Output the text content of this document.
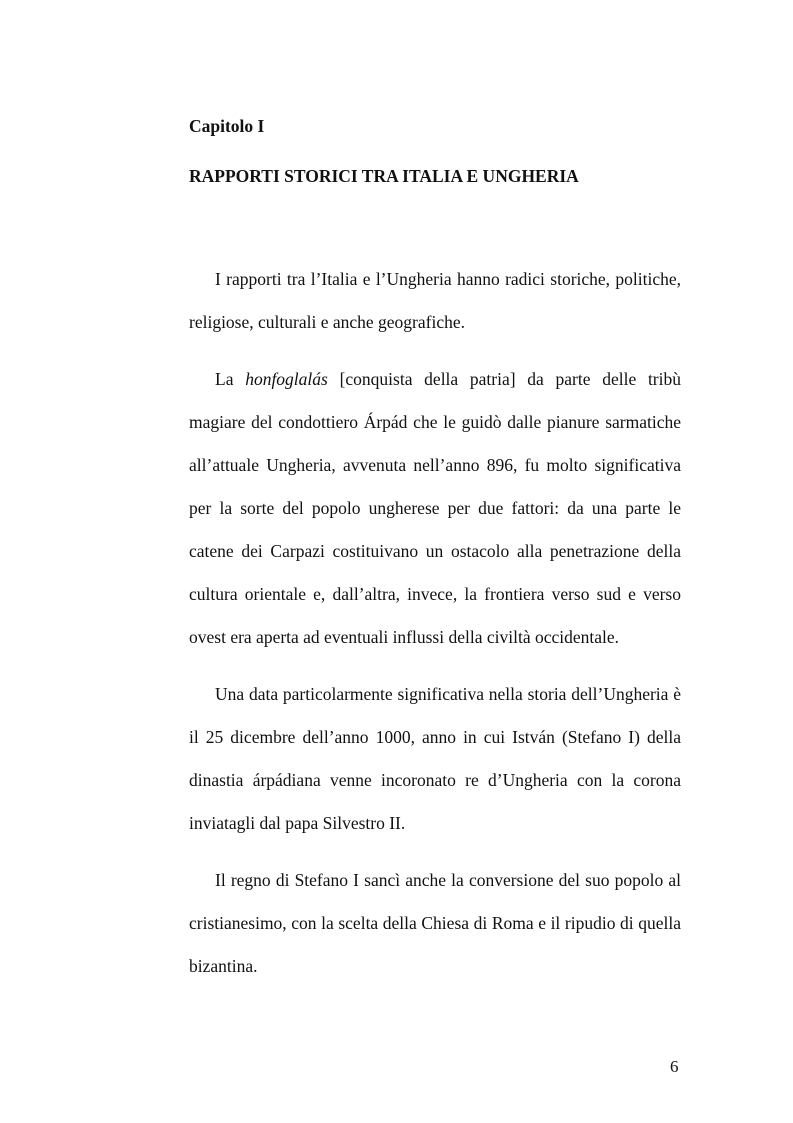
Capitolo I
RAPPORTI STORICI TRA ITALIA E UNGHERIA

I rapporti tra l’Italia e l’Ungheria hanno radici storiche, politiche, religiose, culturali e anche geografiche.

La honfoglalás [conquista della patria] da parte delle tribù magiare del condottiero Árpád che le guidò dalle pianure sarmatiche all’attuale Ungheria, avvenuta nell’anno 896, fu molto significativa per la sorte del popolo ungherese per due fattori: da una parte le catene dei Carpazi costituivano un ostacolo alla penetrazione della cultura orientale e, dall’altra, invece, la frontiera verso sud e verso ovest era aperta ad eventuali influssi della civiltà occidentale.

Una data particolarmente significativa nella storia dell’Ungheria è il 25 dicembre dell’anno 1000, anno in cui István (Stefano I) della dinastia árpádiana venne incoronato re d’Ungheria con la corona inviatagli dal papa Silvestro II.

Il regno di Stefano I sancì anche la conversione del suo popolo al cristianesimo, con la scelta della Chiesa di Roma e il ripudio di quella bizantina.

6
